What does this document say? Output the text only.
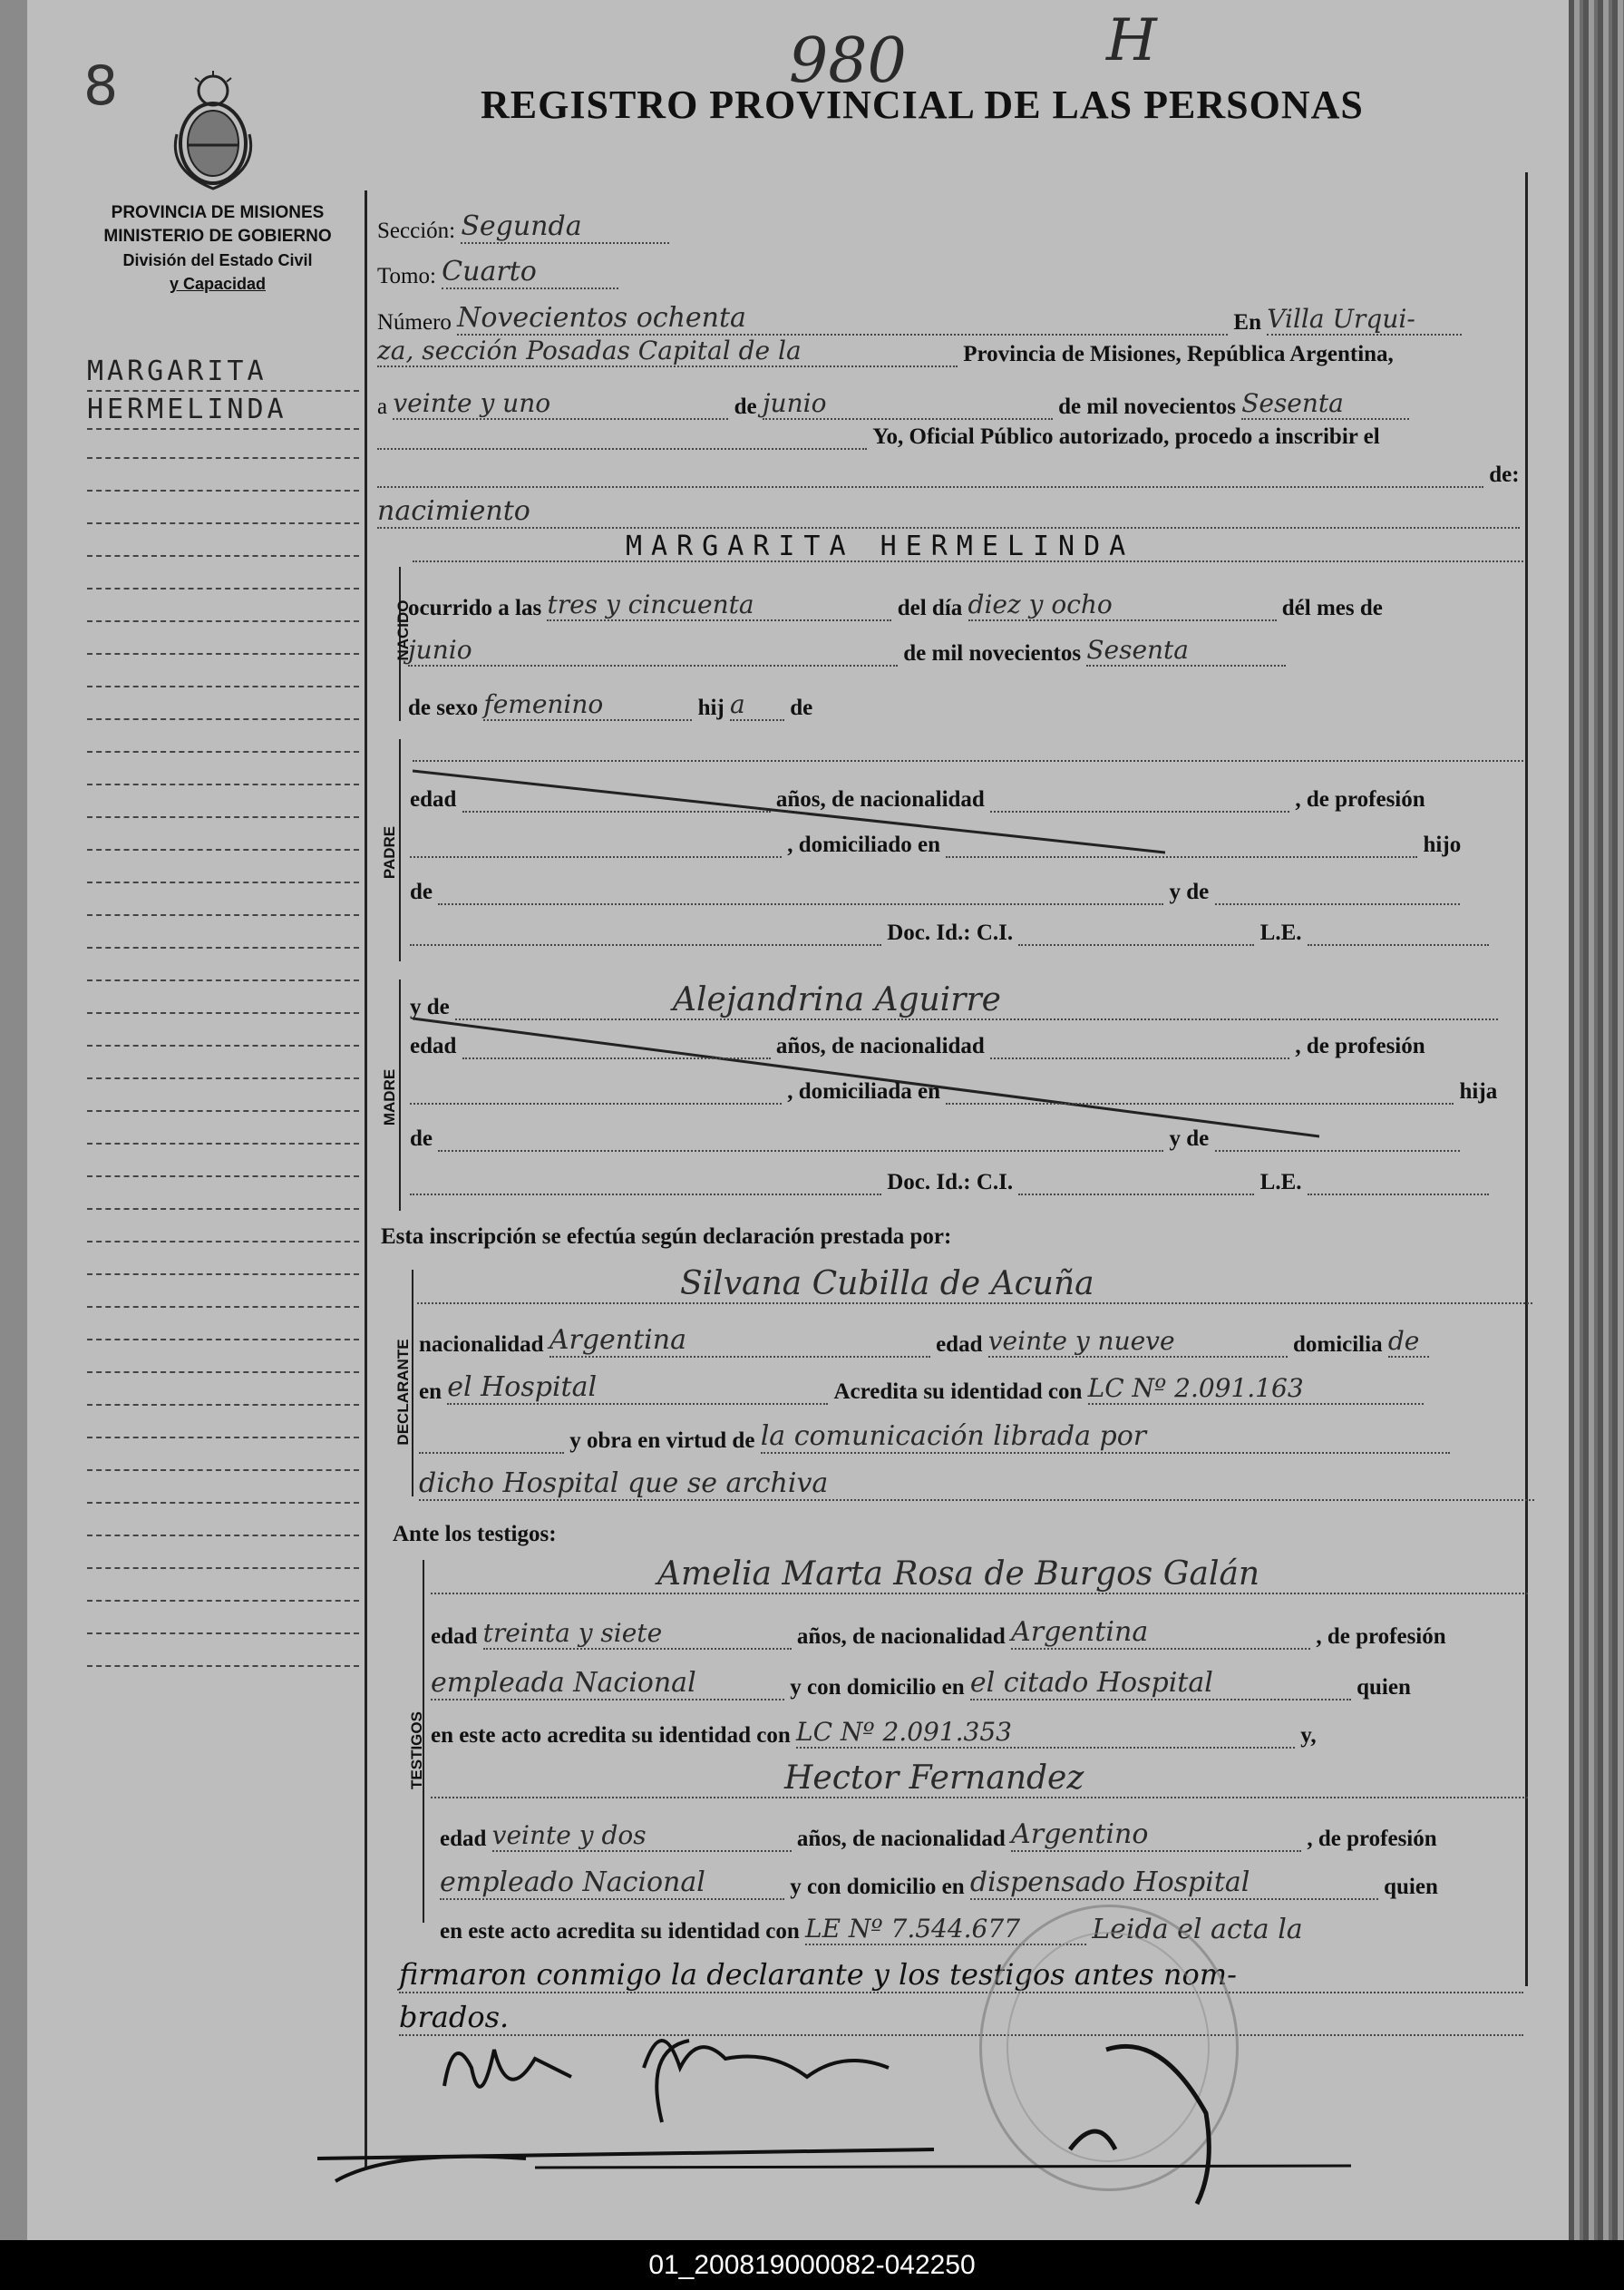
8	980	H
REGISTRO PROVINCIAL DE LAS PERSONAS
PROVINCIA DE MISIONES
MINISTERIO DE GOBIERNO
División del Estado Civil
y Capacidad
MARGARITA
HERMELINDA
Sección: Segunda
Tomo: Cuarto
Número Novecientos ochenta	En Villa Urqui-
za, sección Posadas Capital de la	Provincia de Misiones, República Argentina,
a veinte y uno	de junio	de mil novecientos Sesenta
Yo, Oficial Público autorizado, procedo a inscribir el
de:
nacimiento
NACIDO
MARGARITA HERMELINDA
ocurrido a las tres y cincuenta	del día diez y ocho	dél mes de
junio	de mil novecientos Sesenta
de sexo femenino	hij a de
PADRE
edad	años, de nacionalidad	, de profesión
, domiciliado en	hijo
de	y de
Doc. Id.: C.I.	L.E.
MADRE
y de	Alejandrina Aguirre
edad	años, de nacionalidad	, de profesión
, domiciliada en	hija
de	y de
Doc. Id.: C.I.	L.E.
Esta inscripción se efectúa según declaración prestada por:
DECLARANTE
Silvana Cubilla de Acuña
nacionalidad Argentina	edad veinte y nueve	domicilia de
en el Hospital	Acredita su identidad con LC Nº 2.091.163
y obra en virtud de la comunicación librada por
dicho Hospital que se archiva
Ante los testigos:
TESTIGOS
Amelia Marta Rosa de Burgos Galán
edad treinta y siete	años, de nacionalidad Argentina	, de profesión
empleada Nacional	y con domicilio en el citado Hospital	quien
en este acto acredita su identidad con LC Nº 2.091.353	y,
Hector Fernandez
edad veinte y dos	años, de nacionalidad Argentino	, de profesión
empleado Nacional	y con domicilio en dispensado Hospital	quien
en este acto acredita su identidad con LE Nº 7.544.677	Leida el acta la
firmaron conmigo la declarante y los testigos antes nom-
brados.
01_200819000082-042250
